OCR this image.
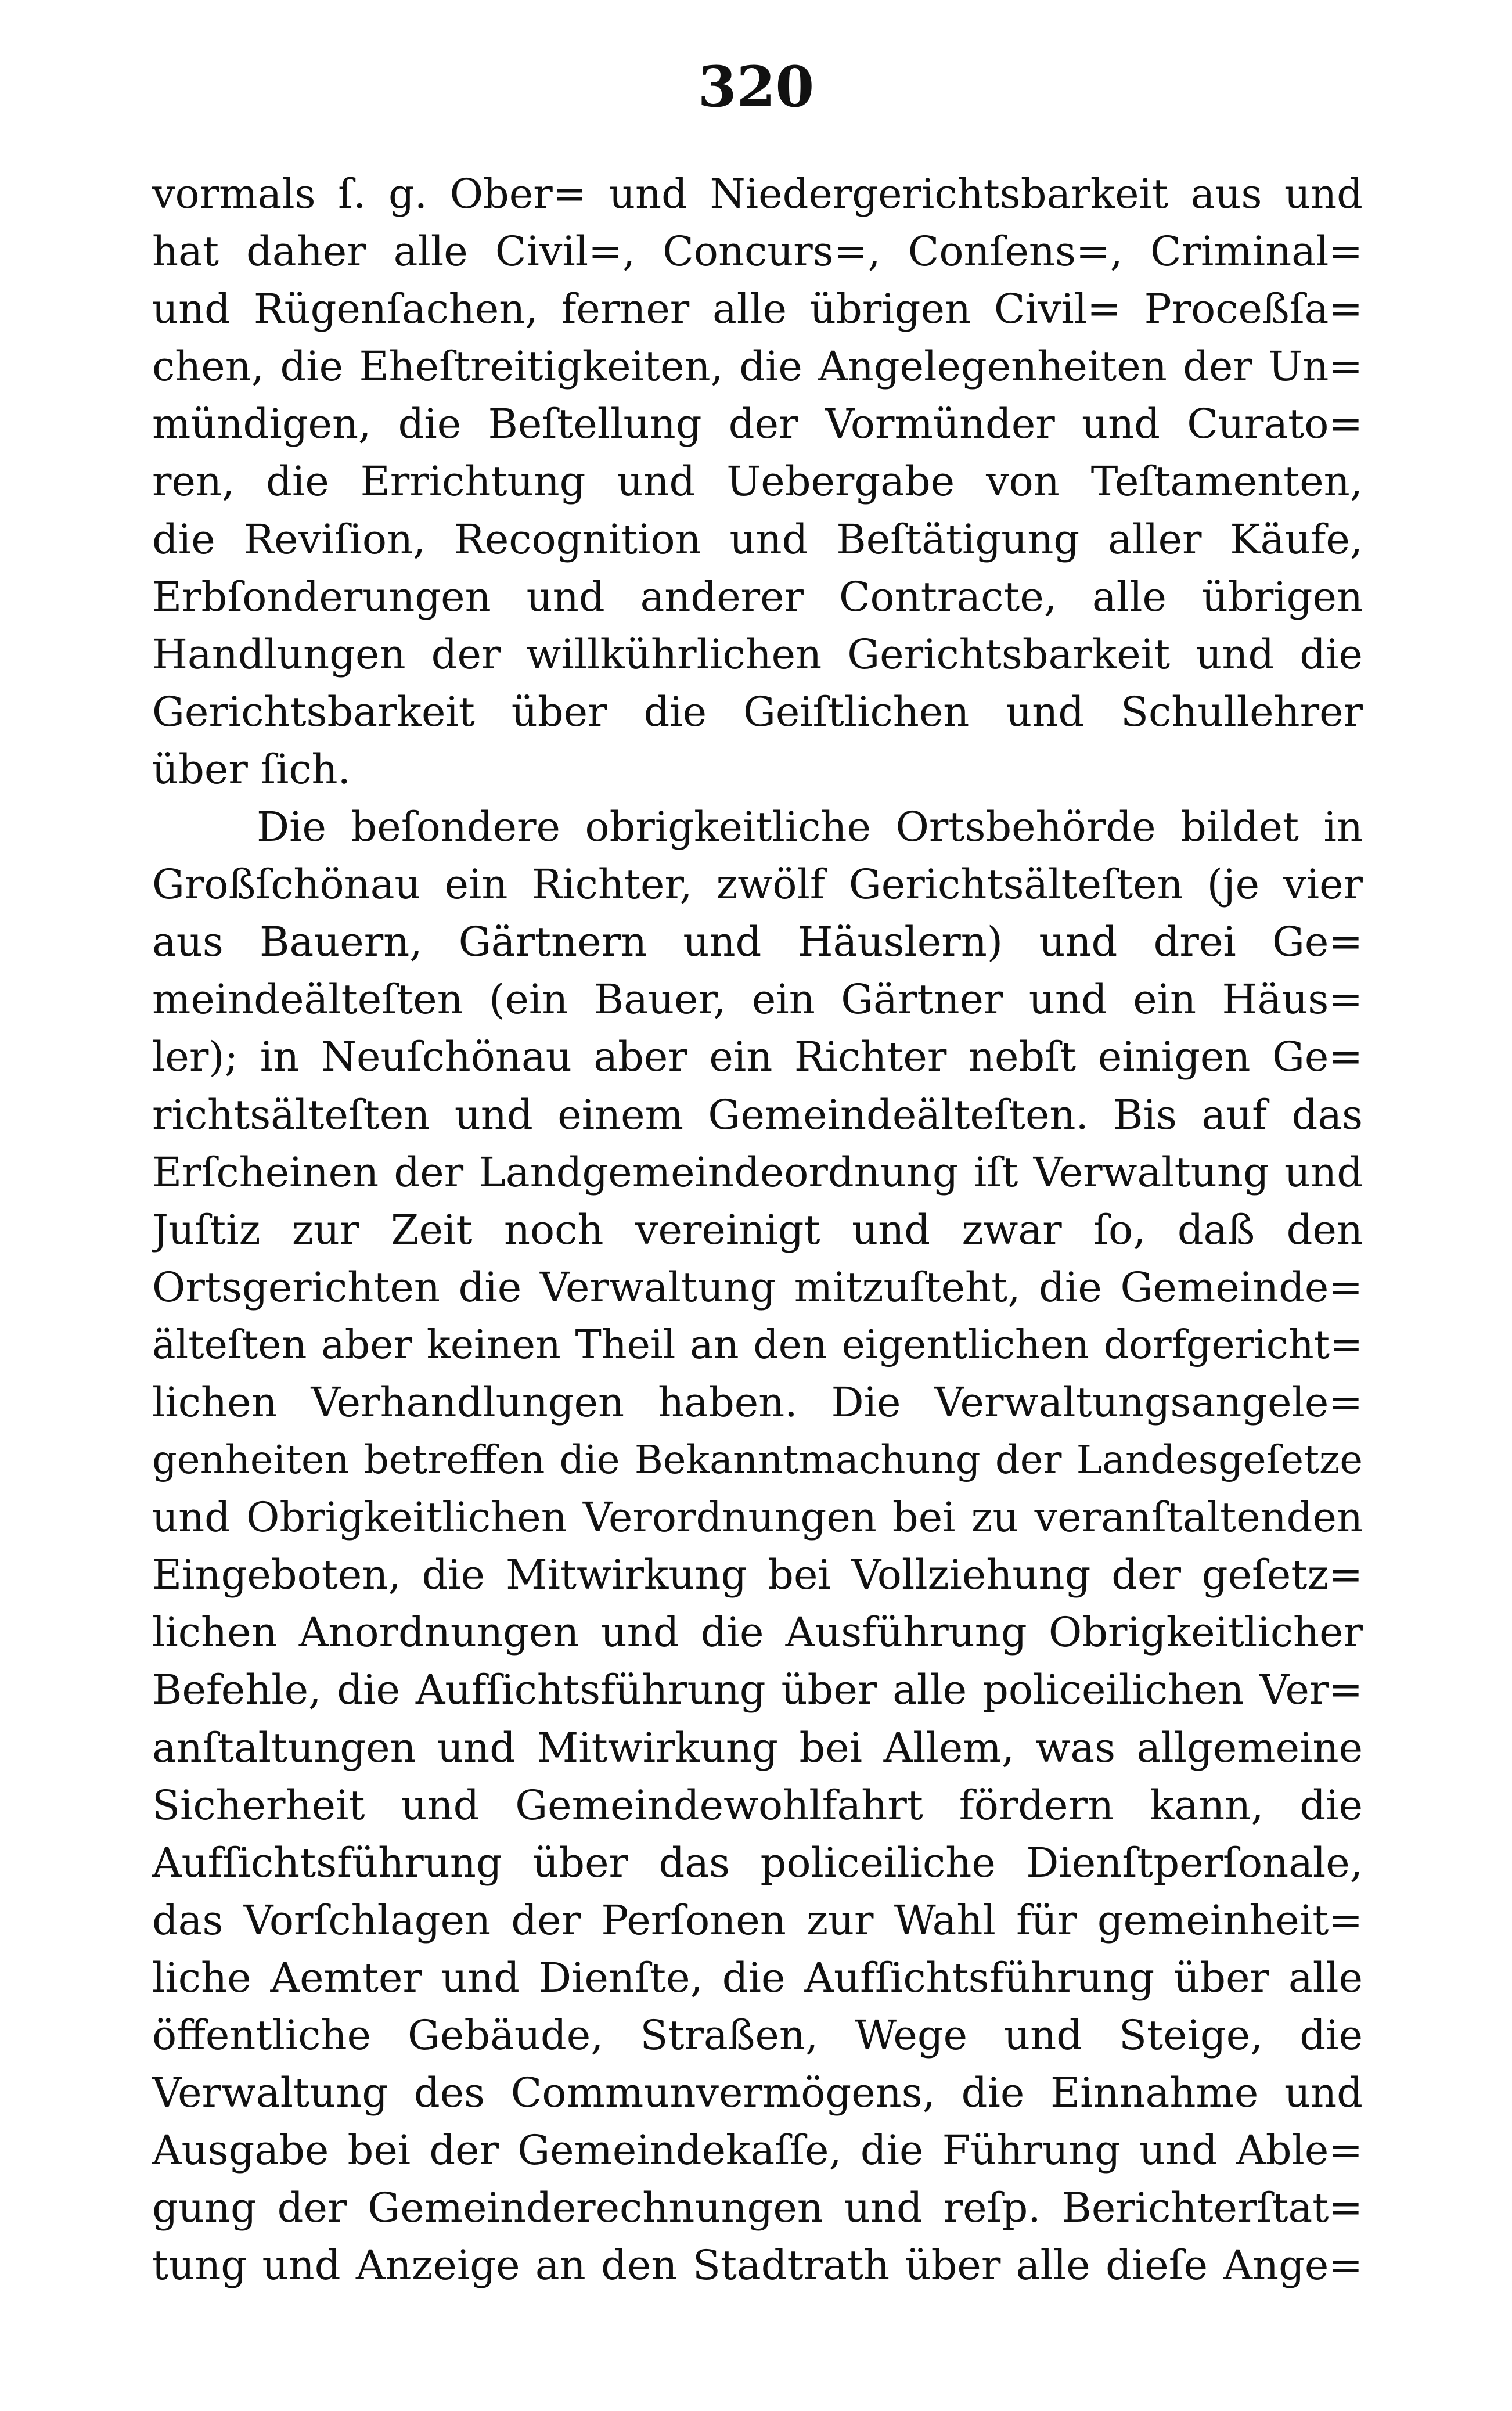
320
vormals ſ. g. Ober= und Niedergerichtsbarkeit aus und
hat daher alle Civil=, Concurs=, Conſens=, Criminal=
und Rügenſachen, ferner alle übrigen Civil= Proceßſa=
chen, die Eheſtreitigkeiten, die Angelegenheiten der Un=
mündigen, die Beſtellung der Vormünder und Curato=
ren, die Errichtung und Uebergabe von Teſtamenten,
die Reviſion, Recognition und Beſtätigung aller Käufe,
Erbſonderungen und anderer Contracte, alle übrigen
Handlungen der willkührlichen Gerichtsbarkeit und die
Gerichtsbarkeit über die Geiſtlichen und Schullehrer
über ſich.
Die beſondere obrigkeitliche Ortsbehörde bildet in
Großſchönau ein Richter, zwölf Gerichtsälteſten (je vier
aus Bauern, Gärtnern und Häuslern) und drei Ge=
meindeälteſten (ein Bauer, ein Gärtner und ein Häus=
ler); in Neuſchönau aber ein Richter nebſt einigen Ge=
richtsälteſten und einem Gemeindeälteſten. Bis auf das
Erſcheinen der Landgemeindeordnung iſt Verwaltung und
Juſtiz zur Zeit noch vereinigt und zwar ſo, daß den
Ortsgerichten die Verwaltung mitzuſteht, die Gemeinde=
älteſten aber keinen Theil an den eigentlichen dorfgericht=
lichen Verhandlungen haben. Die Verwaltungsangele=
genheiten betreffen die Bekanntmachung der Landesgeſetze
und Obrigkeitlichen Verordnungen bei zu veranſtaltenden
Eingeboten, die Mitwirkung bei Vollziehung der geſetz=
lichen Anordnungen und die Ausführung Obrigkeitlicher
Befehle, die Aufſichtsführung über alle policeilichen Ver=
anſtaltungen und Mitwirkung bei Allem, was allgemeine
Sicherheit und Gemeindewohlfahrt fördern kann, die
Aufſichtsführung über das policeiliche Dienſtperſonale,
das Vorſchlagen der Perſonen zur Wahl für gemeinheit=
liche Aemter und Dienſte, die Aufſichtsführung über alle
öffentliche Gebäude, Straßen, Wege und Steige, die
Verwaltung des Communvermögens, die Einnahme und
Ausgabe bei der Gemeindekaſſe, die Führung und Able=
gung der Gemeinderechnungen und reſp. Berichterſtat=
tung und Anzeige an den Stadtrath über alle dieſe Ange=
